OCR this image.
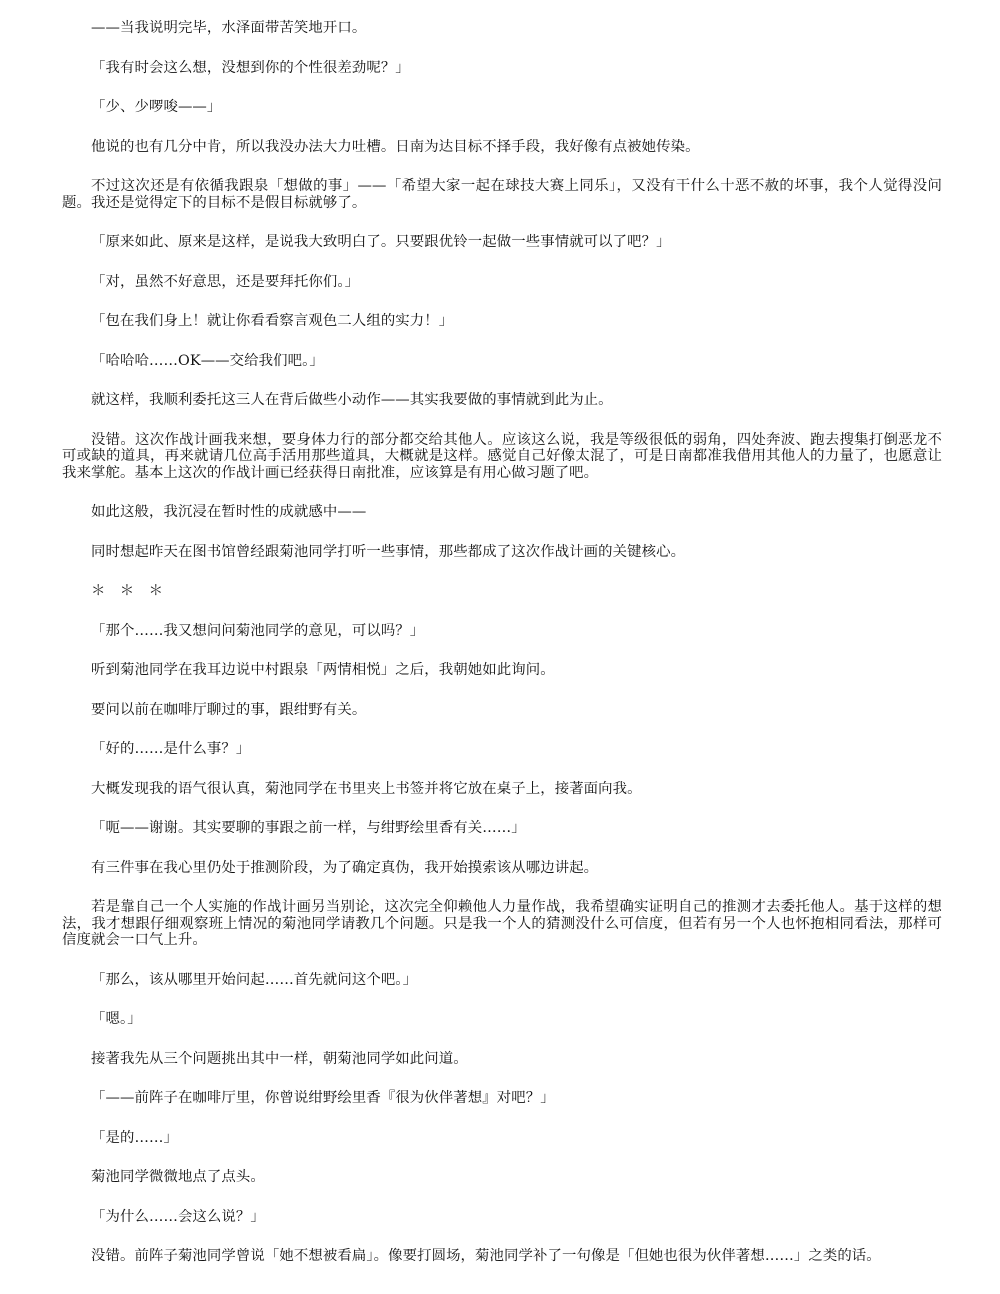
——当我说明完毕，水泽面带苦笑地开口。

「我有时会这么想，没想到你的个性很差劲呢？」

「少、少啰唆——」

他说的也有几分中肯，所以我没办法大力吐槽。日南为达目标不择手段，我好像有点被她传染。

不过这次还是有依循我跟泉「想做的事」——「希望大家一起在球技大赛上同乐」，又没有干什么十恶不赦的坏事，我个人觉得没问题。我还是觉得定下的目标不是假目标就够了。

「原来如此、原来是这样，是说我大致明白了。只要跟优铃一起做一些事情就可以了吧？」

「对，虽然不好意思，还是要拜托你们。」

「包在我们身上！就让你看看察言观色二人组的实力！」

「哈哈哈……OK——交给我们吧。」

就这样，我顺利委托这三人在背后做些小动作——其实我要做的事情就到此为止。

没错。这次作战计画我来想，要身体力行的部分都交给其他人。应该这么说，我是等级很低的弱角，四处奔波、跑去搜集打倒恶龙不可或缺的道具，再来就请几位高手活用那些道具，大概就是这样。感觉自己好像太混了，可是日南都准我借用其他人的力量了，也愿意让我来掌舵。基本上这次的作战计画已经获得日南批准，应该算是有用心做习题了吧。

如此这般，我沉浸在暂时性的成就感中——

同时想起昨天在图书馆曾经跟菊池同学打听一些事情，那些都成了这次作战计画的关键核心。

＊　＊　＊

「那个……我又想问问菊池同学的意见，可以吗？」

听到菊池同学在我耳边说中村跟泉「两情相悦」之后，我朝她如此询问。

要问以前在咖啡厅聊过的事，跟绀野有关。

「好的……是什么事？」

大概发现我的语气很认真，菊池同学在书里夹上书签并将它放在桌子上，接著面向我。

「呃——谢谢。其实要聊的事跟之前一样，与绀野绘里香有关……」

有三件事在我心里仍处于推测阶段，为了确定真伪，我开始摸索该从哪边讲起。

若是靠自己一个人实施的作战计画另当别论，这次完全仰赖他人力量作战，我希望确实证明自己的推测才去委托他人。基于这样的想法，我才想跟仔细观察班上情况的菊池同学请教几个问题。只是我一个人的猜测没什么可信度，但若有另一个人也怀抱相同看法，那样可信度就会一口气上升。

「那么，该从哪里开始问起……首先就问这个吧。」

「嗯。」

接著我先从三个问题挑出其中一样，朝菊池同学如此问道。

「——前阵子在咖啡厅里，你曾说绀野绘里香『很为伙伴著想』对吧？」

「是的……」

菊池同学微微地点了点头。

「为什么……会这么说？」

没错。前阵子菊池同学曾说「她不想被看扁」。像要打圆场，菊池同学补了一句像是「但她也很为伙伴著想……」之类的话。
